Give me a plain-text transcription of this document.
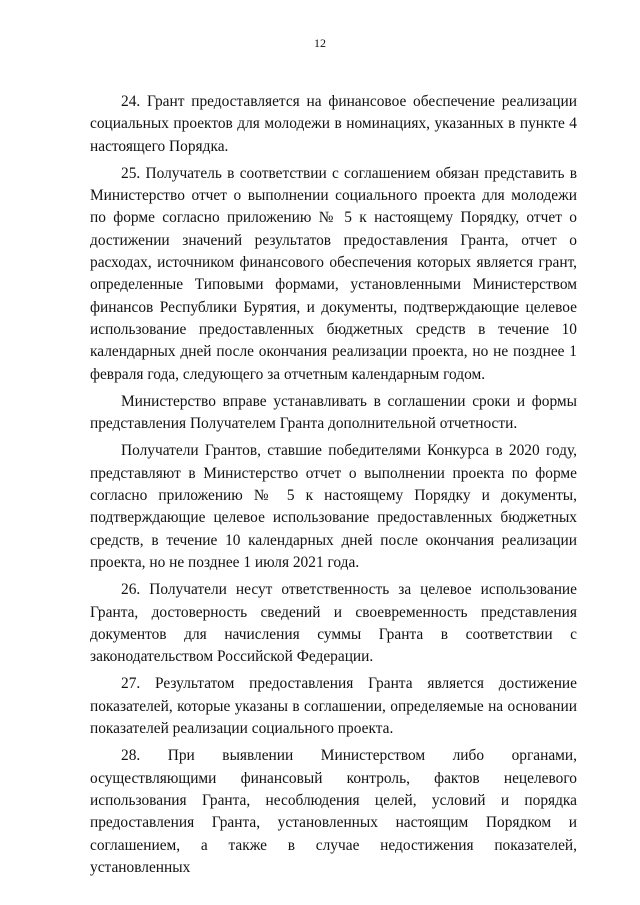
12

24. Грант предоставляется на финансовое обеспечение реализации социальных проектов для молодежи в номинациях, указанных в пункте 4 настоящего Порядка.

25. Получатель в соответствии с соглашением обязан представить в Министерство отчет о выполнении социального проекта для молодежи по форме согласно приложению № 5 к настоящему Порядку, отчет о достижении значений результатов предоставления Гранта, отчет о расходах, источником финансового обеспечения которых является грант, определенные Типовыми формами, установленными Министерством финансов Республики Бурятия, и документы, подтверждающие целевое использование предоставленных бюджетных средств в течение 10 календарных дней после окончания реализации проекта, но не позднее 1 февраля года, следующего за отчетным календарным годом.

Министерство вправе устанавливать в соглашении сроки и формы представления Получателем Гранта дополнительной отчетности.

Получатели Грантов, ставшие победителями Конкурса в 2020 году, представляют в Министерство отчет о выполнении проекта по форме согласно приложению № 5 к настоящему Порядку и документы, подтверждающие целевое использование предоставленных бюджетных средств, в течение 10 календарных дней после окончания реализации проекта, но не позднее 1 июля 2021 года.

26. Получатели несут ответственность за целевое использование Гранта, достоверность сведений и своевременность представления документов для начисления суммы Гранта в соответствии с законодательством Российской Федерации.

27. Результатом предоставления Гранта является достижение показателей, которые указаны в соглашении, определяемые на основании показателей реализации социального проекта.

28. При выявлении Министерством либо органами, осуществляющими финансовый контроль, фактов нецелевого использования Гранта, несоблюдения целей, условий и порядка предоставления Гранта, установленных настоящим Порядком и соглашением, а также в случае недостижения показателей, установленных
